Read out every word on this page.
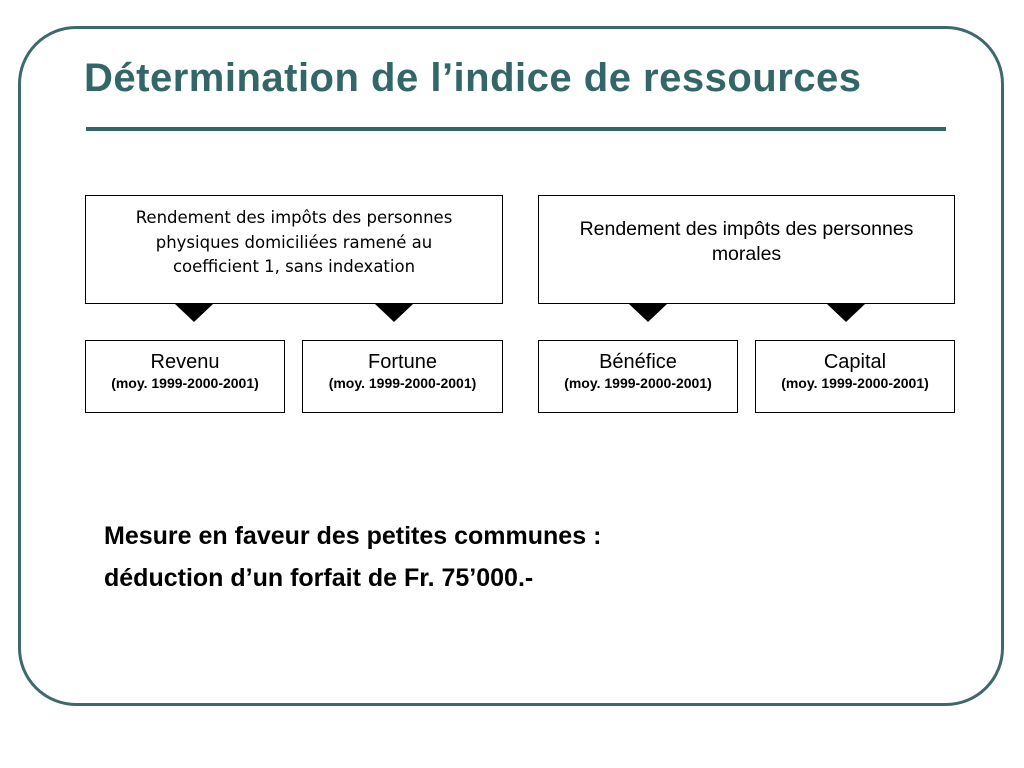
Détermination de l’indice de ressources
Rendement des impôts des personnes
physiques domiciliées ramené au
coefficient 1, sans indexation
Rendement des impôts des personnes morales
Revenu
(moy. 1999-2000-2001)
Fortune
(moy. 1999-2000-2001)
Bénéfice
(moy. 1999-2000-2001)
Capital
(moy. 1999-2000-2001)
Mesure en faveur des petites communes :
déduction d’un forfait de Fr. 75’000.-
